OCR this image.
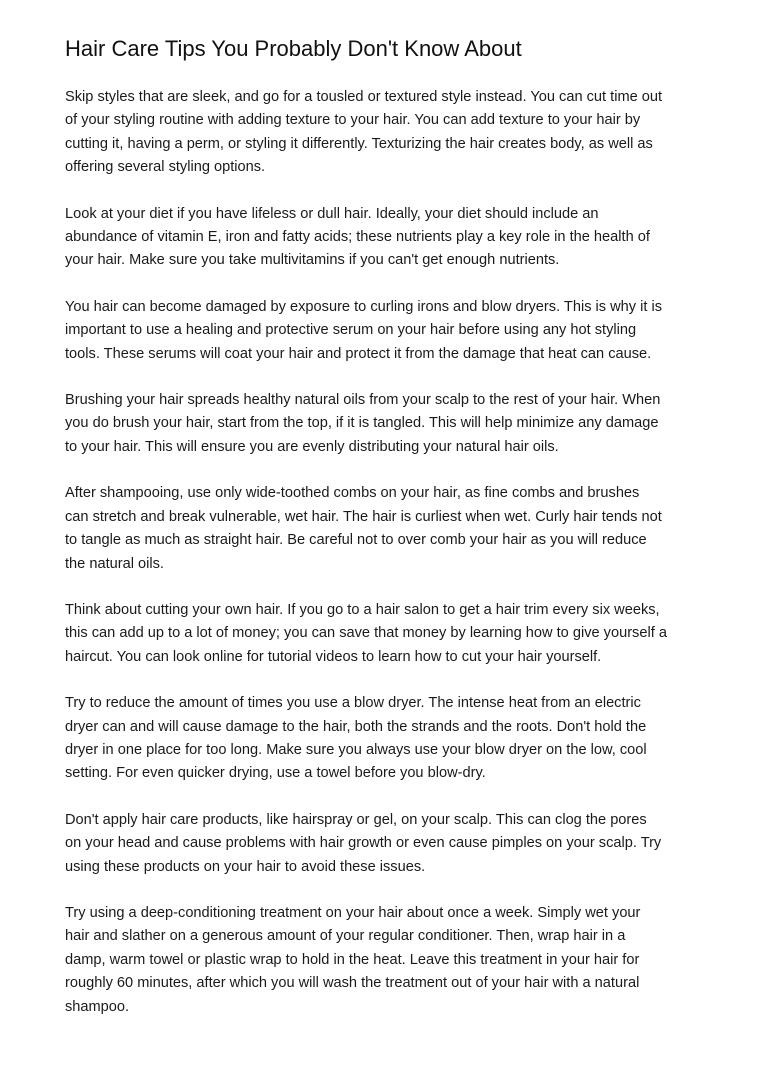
Hair Care Tips You Probably Don't Know About

Skip styles that are sleek, and go for a tousled or textured style instead. You can cut time out
of your styling routine with adding texture to your hair. You can add texture to your hair by
cutting it, having a perm, or styling it differently. Texturizing the hair creates body, as well as
offering several styling options.

Look at your diet if you have lifeless or dull hair. Ideally, your diet should include an
abundance of vitamin E, iron and fatty acids; these nutrients play a key role in the health of
your hair. Make sure you take multivitamins if you can't get enough nutrients.

You hair can become damaged by exposure to curling irons and blow dryers. This is why it is
important to use a healing and protective serum on your hair before using any hot styling
tools. These serums will coat your hair and protect it from the damage that heat can cause.

Brushing your hair spreads healthy natural oils from your scalp to the rest of your hair. When
you do brush your hair, start from the top, if it is tangled. This will help minimize any damage
to your hair. This will ensure you are evenly distributing your natural hair oils.

After shampooing, use only wide-toothed combs on your hair, as fine combs and brushes
can stretch and break vulnerable, wet hair. The hair is curliest when wet. Curly hair tends not
to tangle as much as straight hair. Be careful not to over comb your hair as you will reduce
the natural oils.

Think about cutting your own hair. If you go to a hair salon to get a hair trim every six weeks,
this can add up to a lot of money; you can save that money by learning how to give yourself a
haircut. You can look online for tutorial videos to learn how to cut your hair yourself.

Try to reduce the amount of times you use a blow dryer. The intense heat from an electric
dryer can and will cause damage to the hair, both the strands and the roots. Don't hold the
dryer in one place for too long. Make sure you always use your blow dryer on the low, cool
setting. For even quicker drying, use a towel before you blow-dry.

Don't apply hair care products, like hairspray or gel, on your scalp. This can clog the pores
on your head and cause problems with hair growth or even cause pimples on your scalp. Try
using these products on your hair to avoid these issues.

Try using a deep-conditioning treatment on your hair about once a week. Simply wet your
hair and slather on a generous amount of your regular conditioner. Then, wrap hair in a
damp, warm towel or plastic wrap to hold in the heat. Leave this treatment in your hair for
roughly 60 minutes, after which you will wash the treatment out of your hair with a natural
shampoo.
